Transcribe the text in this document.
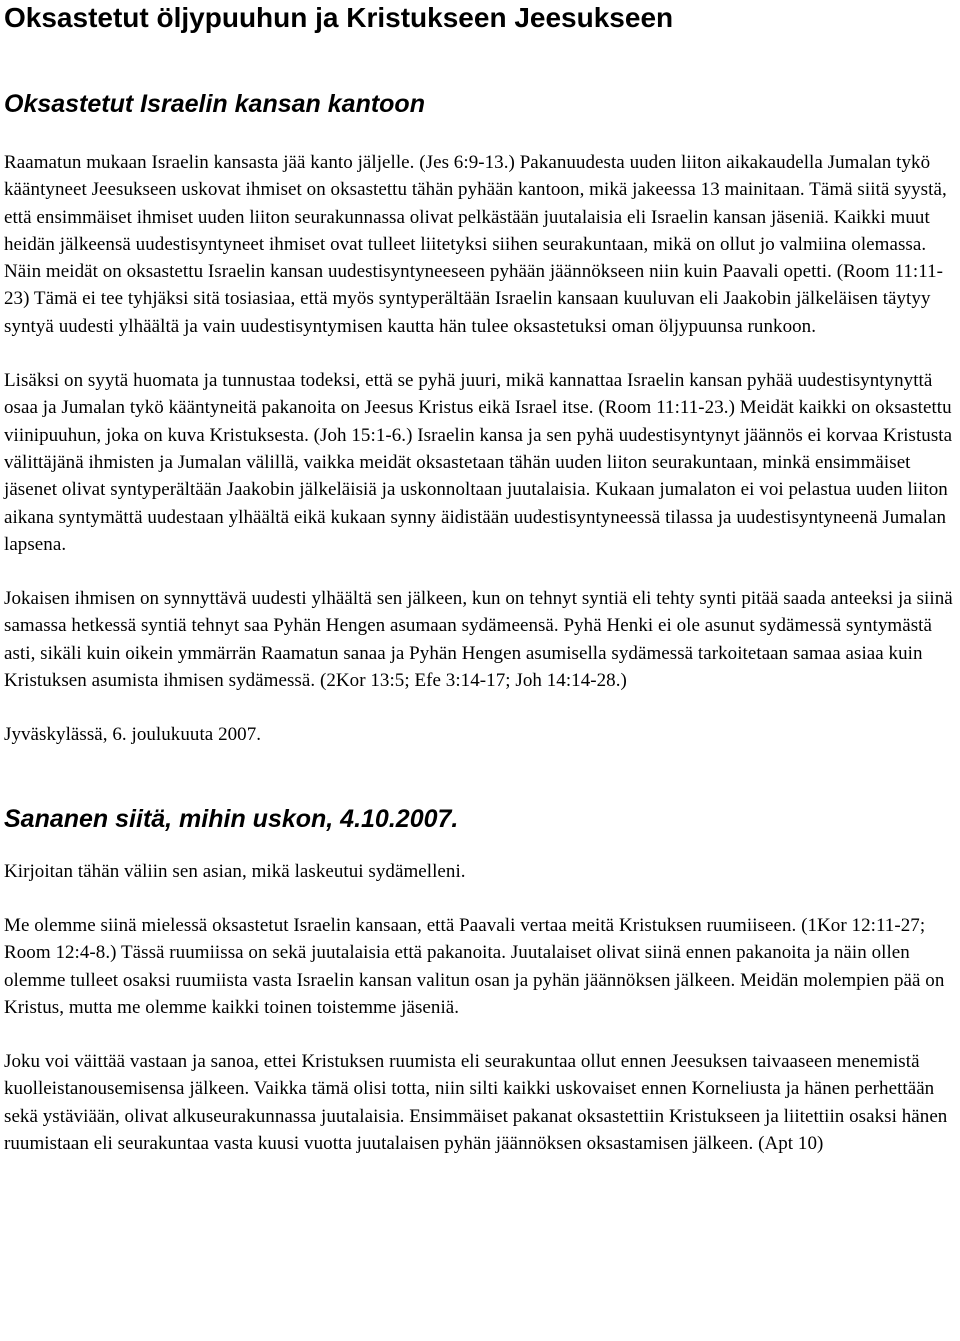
Oksastetut öljypuuhun ja Kristukseen Jeesukseen
Oksastetut Israelin kansan kantoon

Raamatun mukaan Israelin kansasta jää kanto jäljelle. (Jes 6:9-13.) Pakanuudesta uuden liiton aikakaudella Jumalan tykö kääntyneet Jeesukseen uskovat ihmiset on oksastettu tähän pyhään kantoon, mikä jakeessa 13 mainitaan. Tämä siitä syystä, että ensimmäiset ihmiset uuden liiton seurakunnassa olivat pelkästään juutalaisia eli Israelin kansan jäseniä. Kaikki muut heidän jälkeensä uudestisyntyneet ihmiset ovat tulleet liitetyksi siihen seurakuntaan, mikä on ollut jo valmiina olemassa. Näin meidät on oksastettu Israelin kansan uudestisyntyneeseen pyhään jäännökseen niin kuin Paavali opetti. (Room 11:11-23) Tämä ei tee tyhjäksi sitä tosiasiaa, että myös syntyperältään Israelin kansaan kuuluvan eli Jaakobin jälkeläisen täytyy syntyä uudesti ylhäältä ja vain uudestisyntymisen kautta hän tulee oksastetuksi oman öljypuunsa runkoon.

Lisäksi on syytä huomata ja tunnustaa todeksi, että se pyhä juuri, mikä kannattaa Israelin kansan pyhää uudestisyntynyttä osaa ja Jumalan tykö kääntyneitä pakanoita on Jeesus Kristus eikä Israel itse. (Room 11:11-23.) Meidät kaikki on oksastettu viinipuuhun, joka on kuva Kristuksesta. (Joh 15:1-6.) Israelin kansa ja sen pyhä uudestisyntynyt jäännös ei korvaa Kristusta välittäjänä ihmisten ja Jumalan välillä, vaikka meidät oksastetaan tähän uuden liiton seurakuntaan, minkä ensimmäiset jäsenet olivat syntyperältään Jaakobin jälkeläisiä ja uskonnoltaan juutalaisia. Kukaan jumalaton ei voi pelastua uuden liiton aikana syntymättä uudestaan ylhäältä eikä kukaan synny äidistään uudestisyntyneessä tilassa ja uudestisyntyneenä Jumalan lapsena.

Jokaisen ihmisen on synnyttävä uudesti ylhäältä sen jälkeen, kun on tehnyt syntiä eli tehty synti pitää saada anteeksi ja siinä samassa hetkessä syntiä tehnyt saa Pyhän Hengen asumaan sydämeensä. Pyhä Henki ei ole asunut sydämessä syntymästä asti, sikäli kuin oikein ymmärrän Raamatun sanaa ja Pyhän Hengen asumisella sydämessä tarkoitetaan samaa asiaa kuin Kristuksen asumista ihmisen sydämessä. (2Kor 13:5; Efe 3:14-17; Joh 14:14-28.)

Jyväskylässä, 6. joulukuuta 2007.

Sananen siitä, mihin uskon, 4.10.2007.

Kirjoitan tähän väliin sen asian, mikä laskeutui sydämelleni.

Me olemme siinä mielessä oksastetut Israelin kansaan, että Paavali vertaa meitä Kristuksen ruumiiseen. (1Kor 12:11-27; Room 12:4-8.) Tässä ruumiissa on sekä juutalaisia että pakanoita. Juutalaiset olivat siinä ennen pakanoita ja näin ollen olemme tulleet osaksi ruumiista vasta Israelin kansan valitun osan ja pyhän jäännöksen jälkeen. Meidän molempien pää on Kristus, mutta me olemme kaikki toinen toistemme jäseniä.

Joku voi väittää vastaan ja sanoa, ettei Kristuksen ruumista eli seurakuntaa ollut ennen Jeesuksen taivaaseen menemistä kuolleistanousemisensa jälkeen. Vaikka tämä olisi totta, niin silti kaikki uskovaiset ennen Korneliusta ja hänen perhettään sekä ystäviään, olivat alkuseurakunnassa juutalaisia. Ensimmäiset pakanat oksastettiin Kristukseen ja liitettiin osaksi hänen ruumistaan eli seurakuntaa vasta kuusi vuotta juutalaisen pyhän jäännöksen oksastamisen jälkeen. (Apt 10)
